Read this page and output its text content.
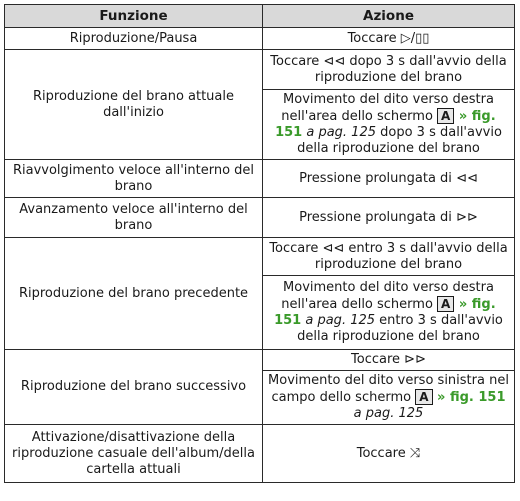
Funzione	Azione
Riproduzione/Pausa	Toccare ▷/▯▯
Riproduzione del brano attuale dall'inizio	Toccare ⊲⊲ dopo 3 s dall'avvio della riproduzione del brano
	Movimento del dito verso destra nell'area dello schermo A » fig. 151 a pag. 125 dopo 3 s dall'avvio della riproduzione del brano
Riavvolgimento veloce all'interno del brano	Pressione prolungata di ⊲⊲
Avanzamento veloce all'interno del brano	Pressione prolungata di ⊳⊳
Riproduzione del brano precedente	Toccare ⊲⊲ entro 3 s dall'avvio della riproduzione del brano
	Movimento del dito verso destra nell'area dello schermo A » fig. 151 a pag. 125 entro 3 s dall'avvio della riproduzione del brano
Riproduzione del brano successivo	Toccare ⊳⊳
	Movimento del dito verso sinistra nel campo dello schermo A » fig. 151 a pag. 125
Attivazione/disattivazione della riproduzione casuale dell'album/della cartella attuali	Toccare ⤨
